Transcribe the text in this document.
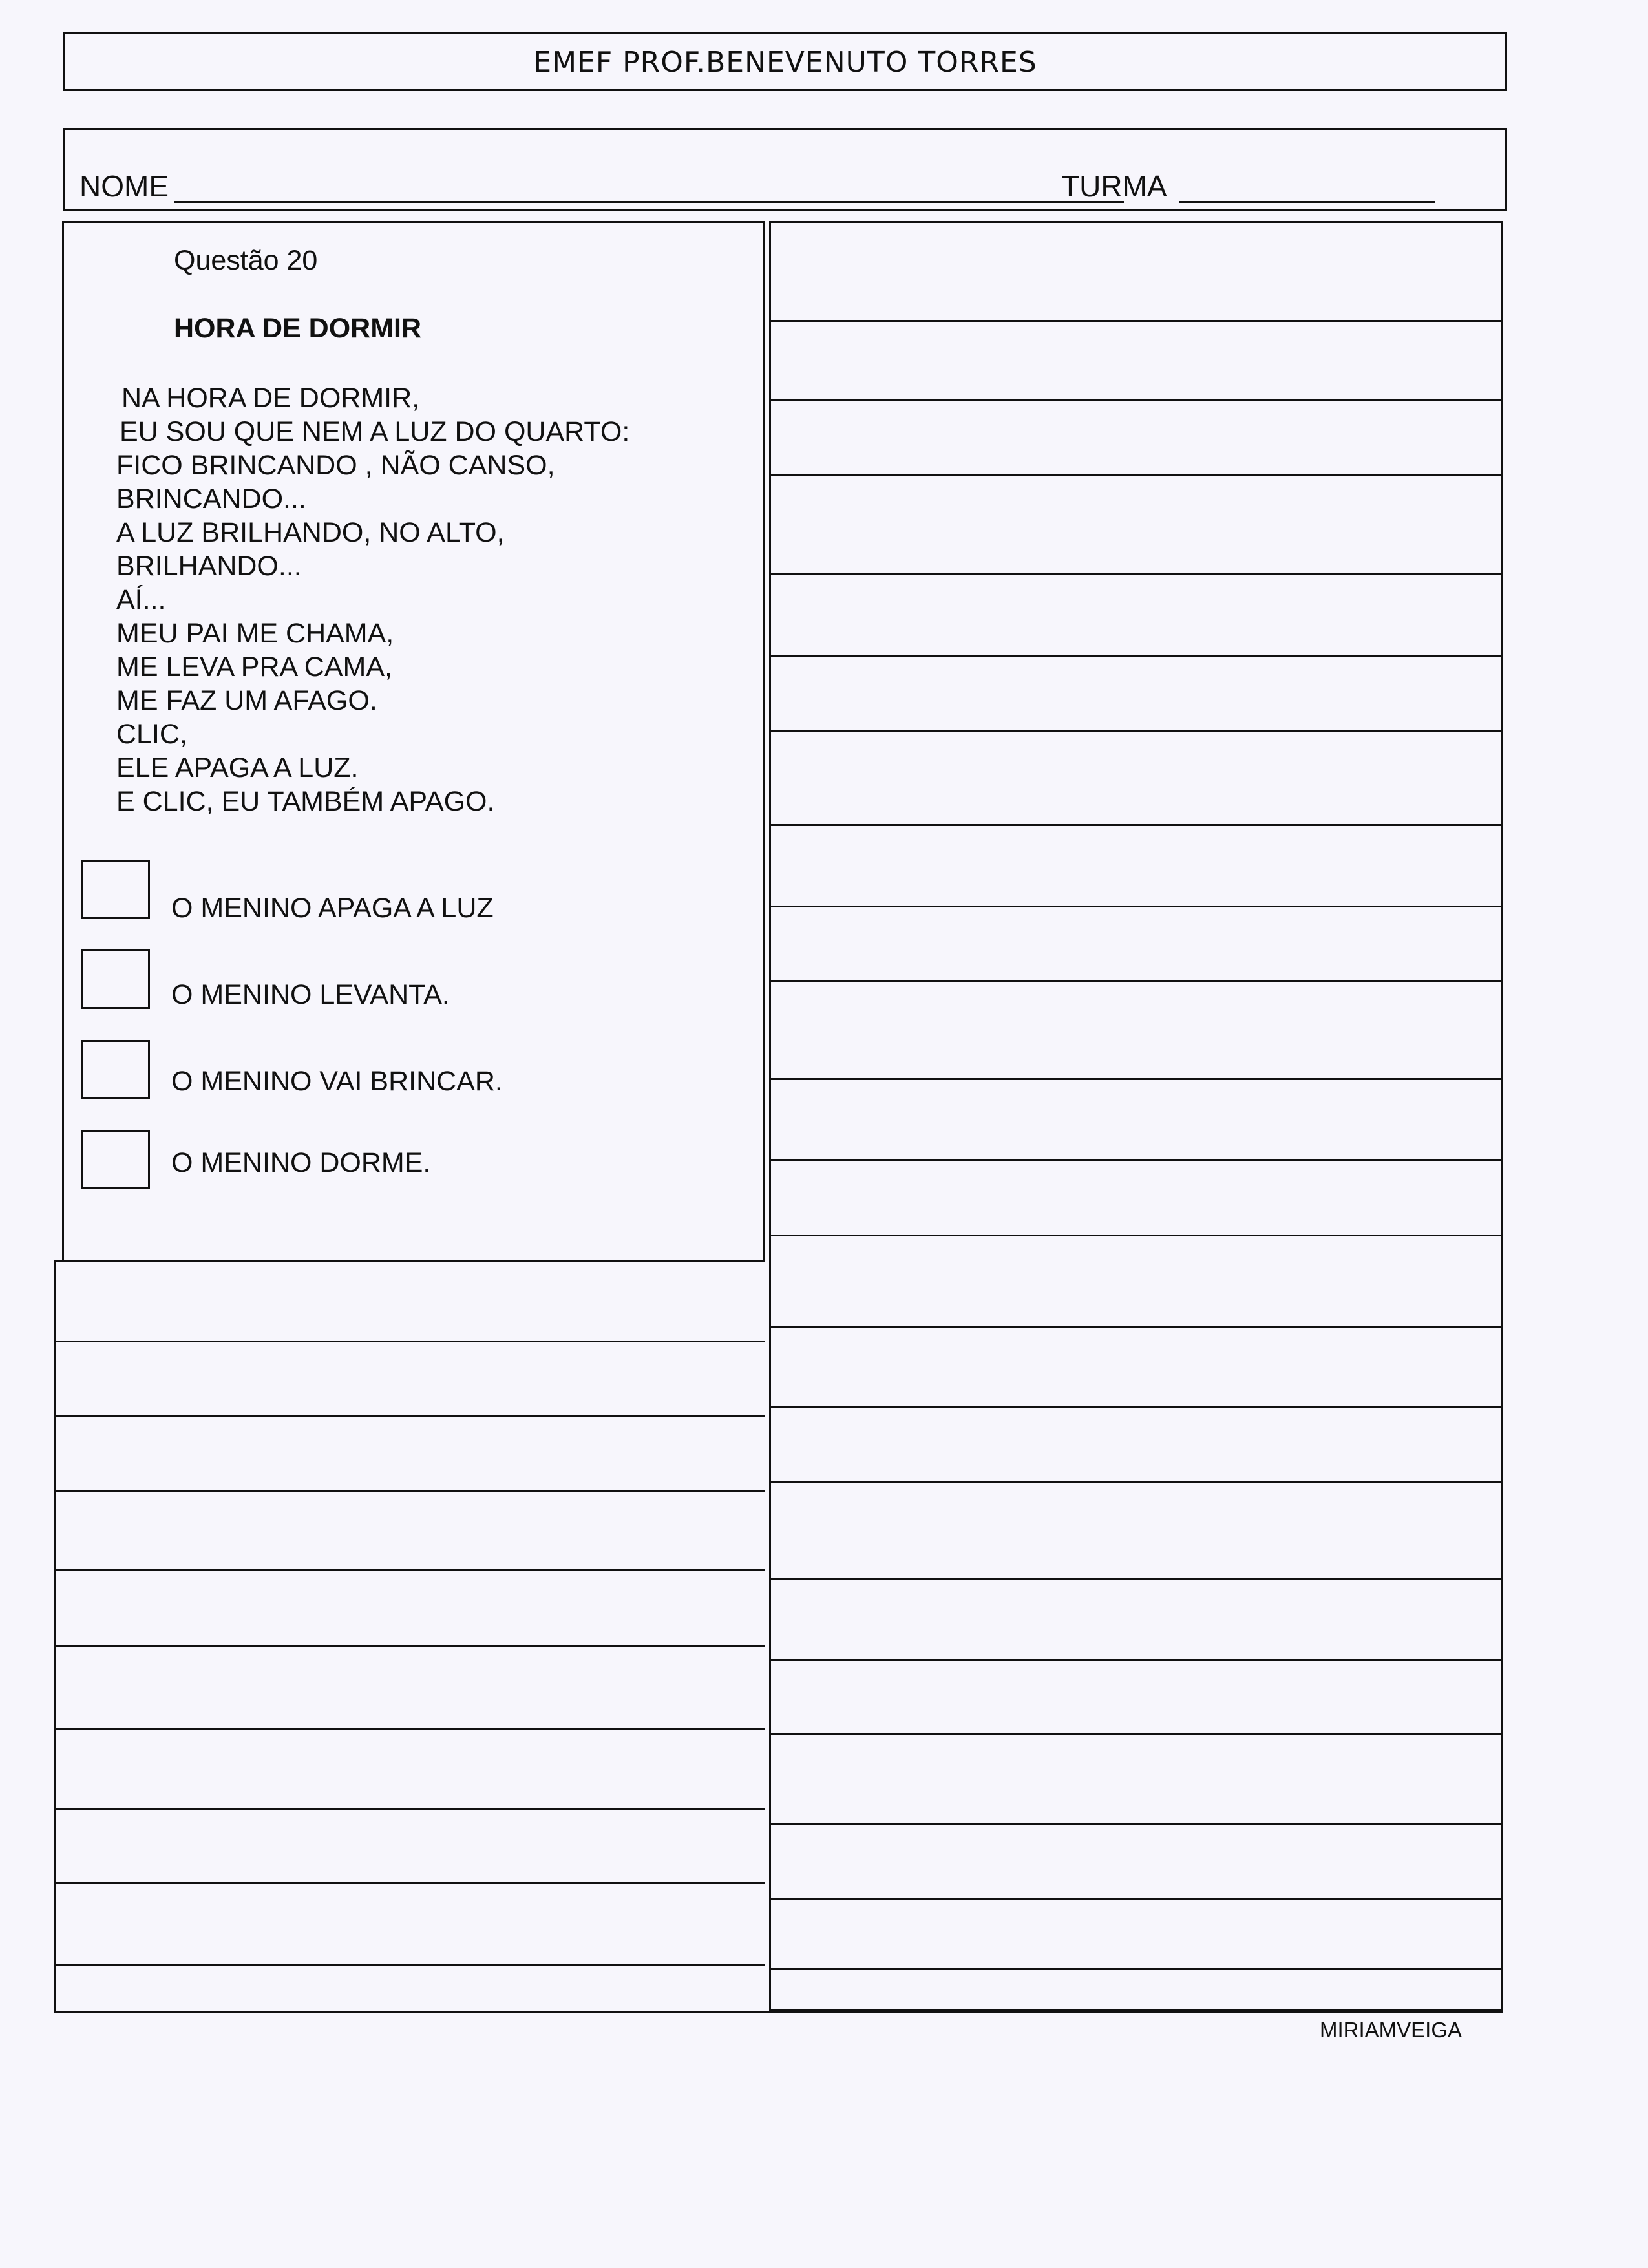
EMEF PROF.BENEVENUTO TORRES
NOME	TURMA
Questão 20
HORA DE DORMIR
NA HORA DE DORMIR,
EU SOU QUE NEM A LUZ DO QUARTO:
FICO BRINCANDO , NÃO CANSO,
BRINCANDO...
A LUZ BRILHANDO, NO ALTO,
BRILHANDO...
AÍ...
MEU PAI ME CHAMA,
ME LEVA PRA CAMA,
ME FAZ UM AFAGO.
CLIC,
ELE APAGA A LUZ.
E CLIC, EU TAMBÉM APAGO.
O MENINO APAGA A LUZ
O MENINO LEVANTA.
O MENINO VAI BRINCAR.
O MENINO DORME.
MIRIAMVEIGA
